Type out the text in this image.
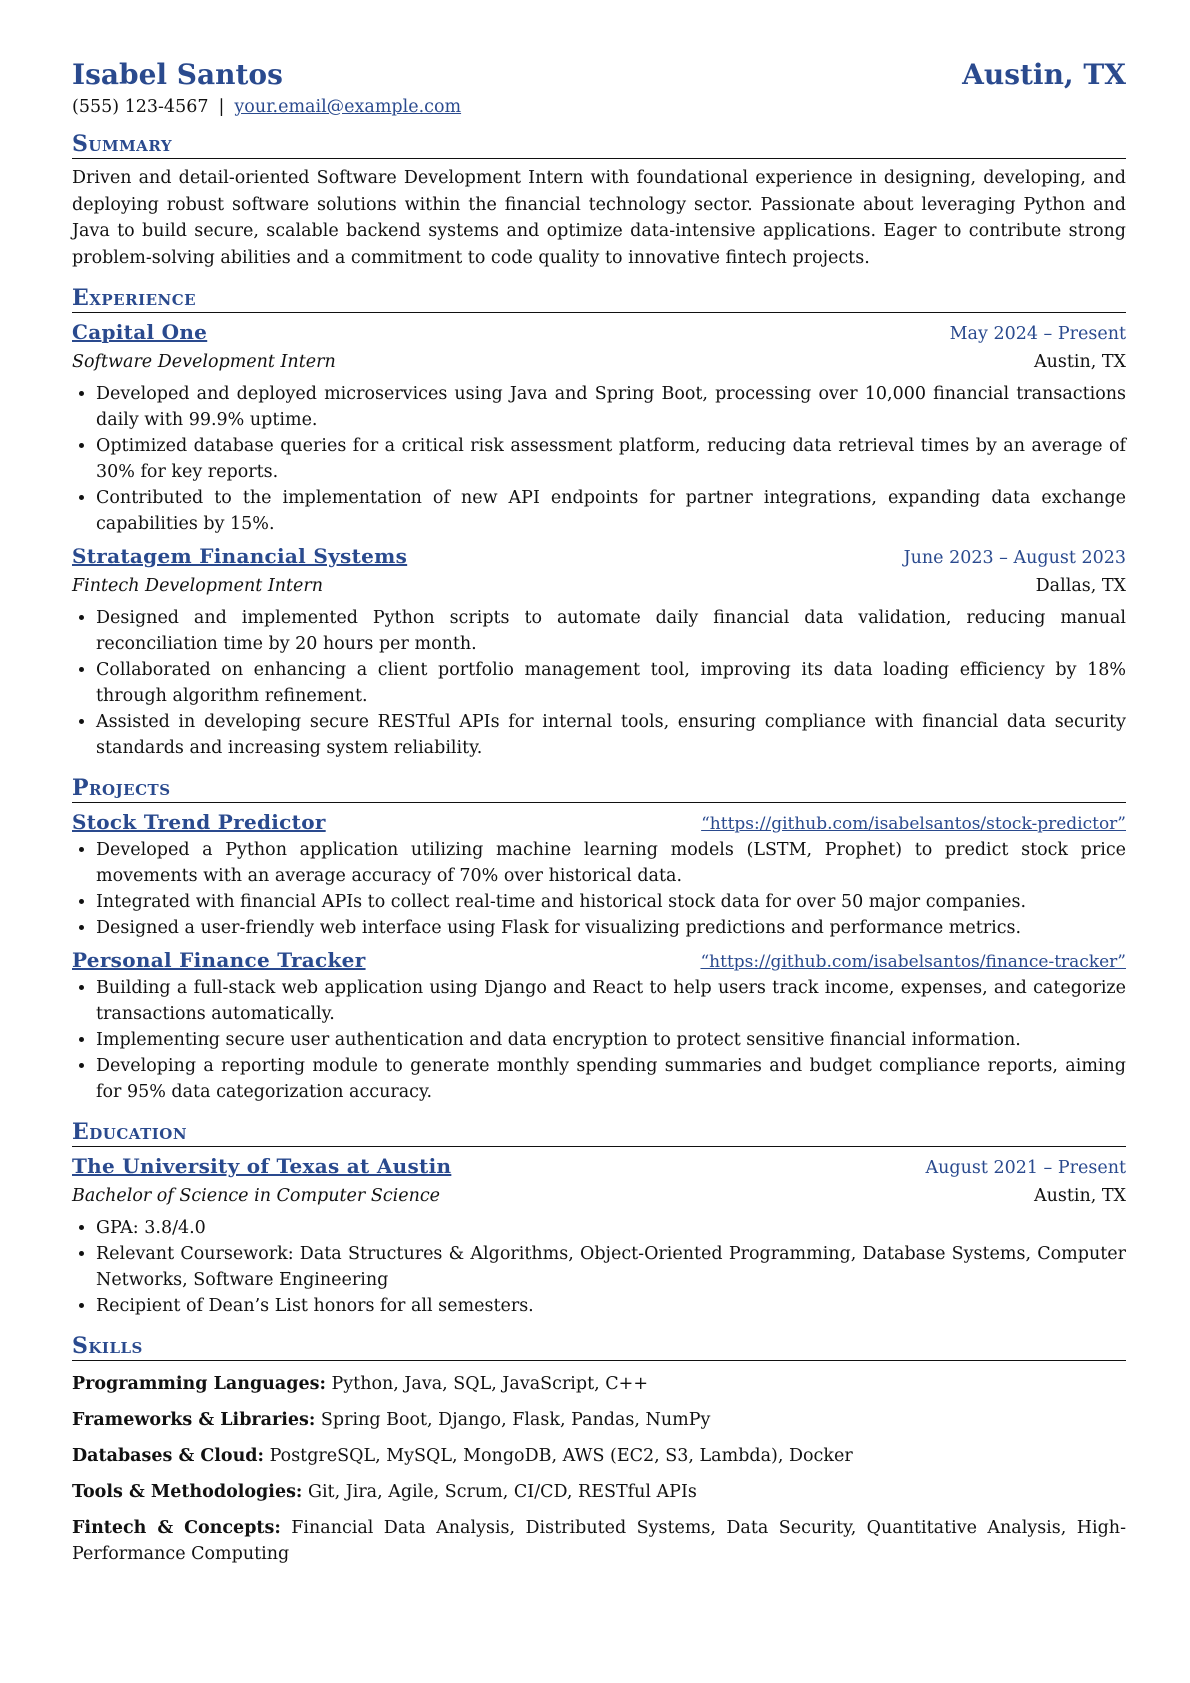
Isabel Santos	Austin, TX
(555) 123-4567 | your.email@example.com
Summary
Driven and detail-oriented Software Development Intern with foundational experience in designing, developing, and deploying robust software solutions within the financial technology sector. Passionate about leveraging Python and Java to build secure, scalable backend systems and optimize data-intensive applications. Eager to contribute strong problem-solving abilities and a commitment to code quality to innovative fintech projects.
Experience
Capital One	May 2024 – Present
Software Development Intern	Austin, TX
• Developed and deployed microservices using Java and Spring Boot, processing over 10,000 financial transactions daily with 99.9% uptime.
• Optimized database queries for a critical risk assessment platform, reducing data retrieval times by an average of 30% for key reports.
• Contributed to the implementation of new API endpoints for partner integrations, expanding data exchange capabilities by 15%.
Stratagem Financial Systems	June 2023 – August 2023
Fintech Development Intern	Dallas, TX
• Designed and implemented Python scripts to automate daily financial data validation, reducing manual reconciliation time by 20 hours per month.
• Collaborated on enhancing a client portfolio management tool, improving its data loading efficiency by 18% through algorithm refinement.
• Assisted in developing secure RESTful APIs for internal tools, ensuring compliance with financial data security standards and increasing system reliability.
Projects
Stock Trend Predictor	“https://github.com/isabelsantos/stock-predictor”
• Developed a Python application utilizing machine learning models (LSTM, Prophet) to predict stock price movements with an average accuracy of 70% over historical data.
• Integrated with financial APIs to collect real-time and historical stock data for over 50 major companies.
• Designed a user-friendly web interface using Flask for visualizing predictions and performance metrics.
Personal Finance Tracker	“https://github.com/isabelsantos/finance-tracker”
• Building a full-stack web application using Django and React to help users track income, expenses, and categorize transactions automatically.
• Implementing secure user authentication and data encryption to protect sensitive financial information.
• Developing a reporting module to generate monthly spending summaries and budget compliance reports, aiming for 95% data categorization accuracy.
Education
The University of Texas at Austin	August 2021 – Present
Bachelor of Science in Computer Science	Austin, TX
• GPA: 3.8/4.0
• Relevant Coursework: Data Structures & Algorithms, Object-Oriented Programming, Database Systems, Computer Networks, Software Engineering
• Recipient of Dean’s List honors for all semesters.
Skills
Programming Languages: Python, Java, SQL, JavaScript, C++
Frameworks & Libraries: Spring Boot, Django, Flask, Pandas, NumPy
Databases & Cloud: PostgreSQL, MySQL, MongoDB, AWS (EC2, S3, Lambda), Docker
Tools & Methodologies: Git, Jira, Agile, Scrum, CI/CD, RESTful APIs
Fintech & Concepts: Financial Data Analysis, Distributed Systems, Data Security, Quantitative Analysis, High-Performance Computing
